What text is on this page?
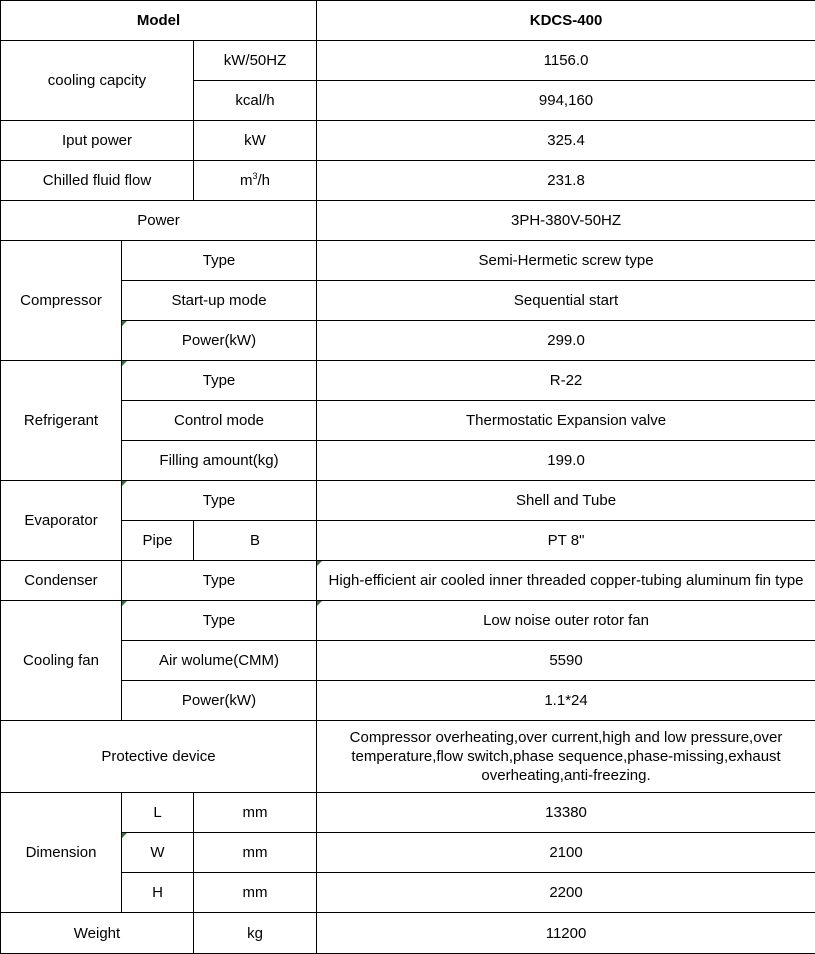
Model			KDCS-400
cooling capcity		kW/50HZ	1156.0
		kcal/h	994,160
Iput power		kW	325.4
Chilled fluid flow		$m^3/h$	231.8
Power			3PH-380V-50HZ
Compressor	Type		Semi-Hermetic screw type
	Start-up mode		Sequential start
	Power(kW)		299.0
Refrigerant	Type		R-22
	Control mode		Thermostatic Expansion valve
	Filling amount(kg)		199.0
Evaporator	Type		Shell and Tube
	Pipe	B	PT 8"
Condenser	Type		High-efficient air cooled inner threaded copper-tubing aluminum fin type
Cooling fan	Type		Low noise outer rotor fan
	Air wolume(CMM)		5590
	Power(kW)		1.1*24
Protective device			Compressor overheating,over current,high and low pressure,over temperature,flow switch,phase sequence,phase-missing,exhaust overheating,anti-freezing.
Dimension	L	mm	13380
	W	mm	2100
	H	mm	2200
Weight		kg	11200
